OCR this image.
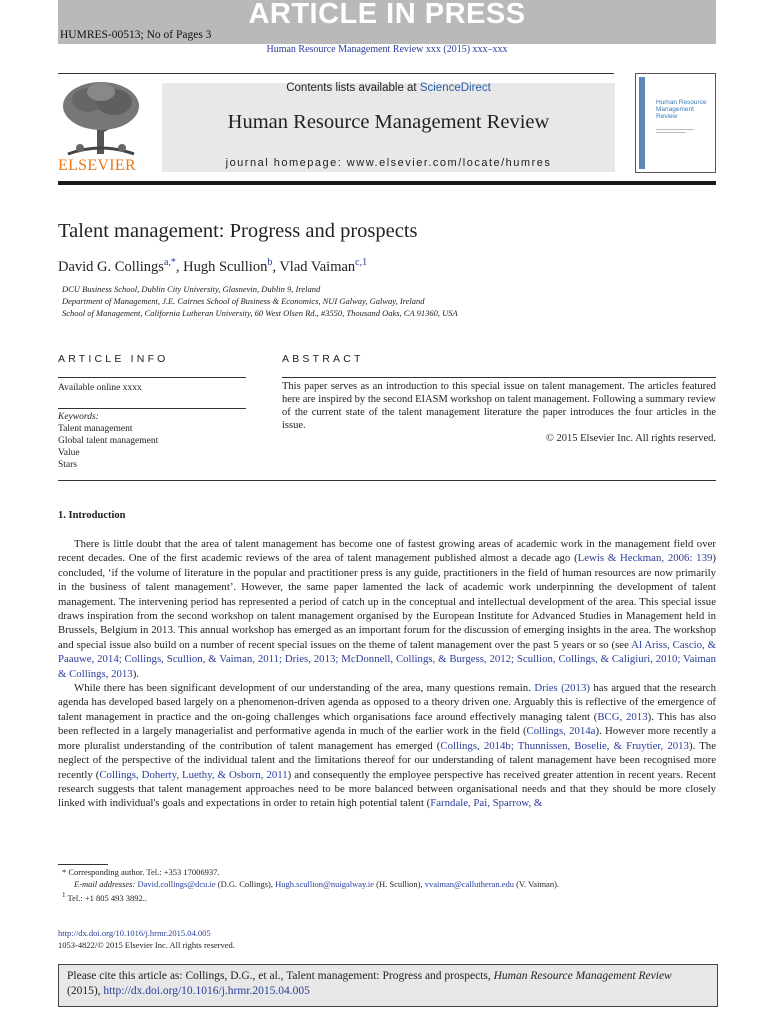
ARTICLE IN PRESS
HUMRES-00513; No of Pages 3
Human Resource Management Review xxx (2015) xxx–xxx
ELSEVIER
Contents lists available at ScienceDirect
Human Resource Management Review
journal homepage: www.elsevier.com/locate/humres
Human Resource Management Review
Talent management: Progress and prospects
David G. Collings$^{a,*}$, Hugh Scullion$^b$, Vlad Vaiman$^{c,1}$
DCU Business School, Dublin City University, Glasnevin, Dublin 9, Ireland
Department of Management, J.E. Cairnes School of Business & Economics, NUI Galway, Galway, Ireland
School of Management, California Lutheran University, 60 West Olsen Rd., #3550, Thousand Oaks, CA 91360, USA
ARTICLE INFO
Available online xxxx
Keywords:
Talent management
Global talent management
Value
Stars
ABSTRACT
This paper serves as an introduction to this special issue on talent management. The articles featured here are inspired by the second EIASM workshop on talent management. Following a summary review of the current state of the talent management literature the paper introduces the four articles in the issue.
© 2015 Elsevier Inc. All rights reserved.
1. Introduction

There is little doubt that the area of talent management has become one of fastest growing areas of academic work in the management field over recent decades. One of the first academic reviews of the area of talent management published almost a decade ago (Lewis & Heckman, 2006: 139) concluded, ‘if the volume of literature in the popular and practitioner press is any guide, practitioners in the field of human resources are now primarily in the business of talent management’. However, the same paper lamented the lack of academic work underpinning the development of talent management. The intervening period has represented a period of catch up in the conceptual and intellectual development of the area. This special issue draws inspiration from the second workshop on talent management organised by the European Institute for Advanced Studies in Management held in Brussels, Belgium in 2013. This annual workshop has emerged as an important forum for the discussion of emerging insights in the area. The workshop and special issue also build on a number of recent special issues on the theme of talent management over the past 5 years or so (see Al Ariss, Cascio, & Paauwe, 2014; Collings, Scullion, & Vaiman, 2011; Dries, 2013; McDonnell, Collings, & Burgess, 2012; Scullion, Collings, & Caligiuri, 2010; Vaiman & Collings, 2013).

While there has been significant development of our understanding of the area, many questions remain. Dries (2013) has argued that the research agenda has developed based largely on a phenomenon-driven agenda as opposed to a theory driven one. Arguably this is reflective of the emergence of talent management in practice and the on-going challenges which organisations face around effectively managing talent (BCG, 2013). This has also been reflected in a largely managerialist and performative agenda in much of the earlier work in the field (Collings, 2014a). However more recently a more pluralist understanding of the contribution of talent management has emerged (Collings, 2014b; Thunnissen, Boselie, & Fruytier, 2013). The neglect of the perspective of the individual talent and the limitations thereof for our understanding of talent management have been recognised more recently (Collings, Doherty, Luethy, & Osborn, 2011) and consequently the employee perspective has received greater attention in recent years. Recent research suggests that talent management approaches need to be more balanced between organisational needs and that they should be more closely linked with individual's goals and expectations in order to retain high potential talent (Farndale, Pai, Sparrow, &

* Corresponding author. Tel.: +353 17006937.
E-mail addresses: David.collings@dcu.ie (D.G. Collings), Hugh.scullion@nuigalway.ie (H. Scullion), vvaiman@callutheran.edu (V. Vaiman).
$^1$ Tel.: +1 805 493 3892..
http://dx.doi.org/10.1016/j.hrmr.2015.04.005
1053-4822/© 2015 Elsevier Inc. All rights reserved.
Please cite this article as: Collings, D.G., et al., Talent management: Progress and prospects, Human Resource Management Review
(2015), http://dx.doi.org/10.1016/j.hrmr.2015.04.005
